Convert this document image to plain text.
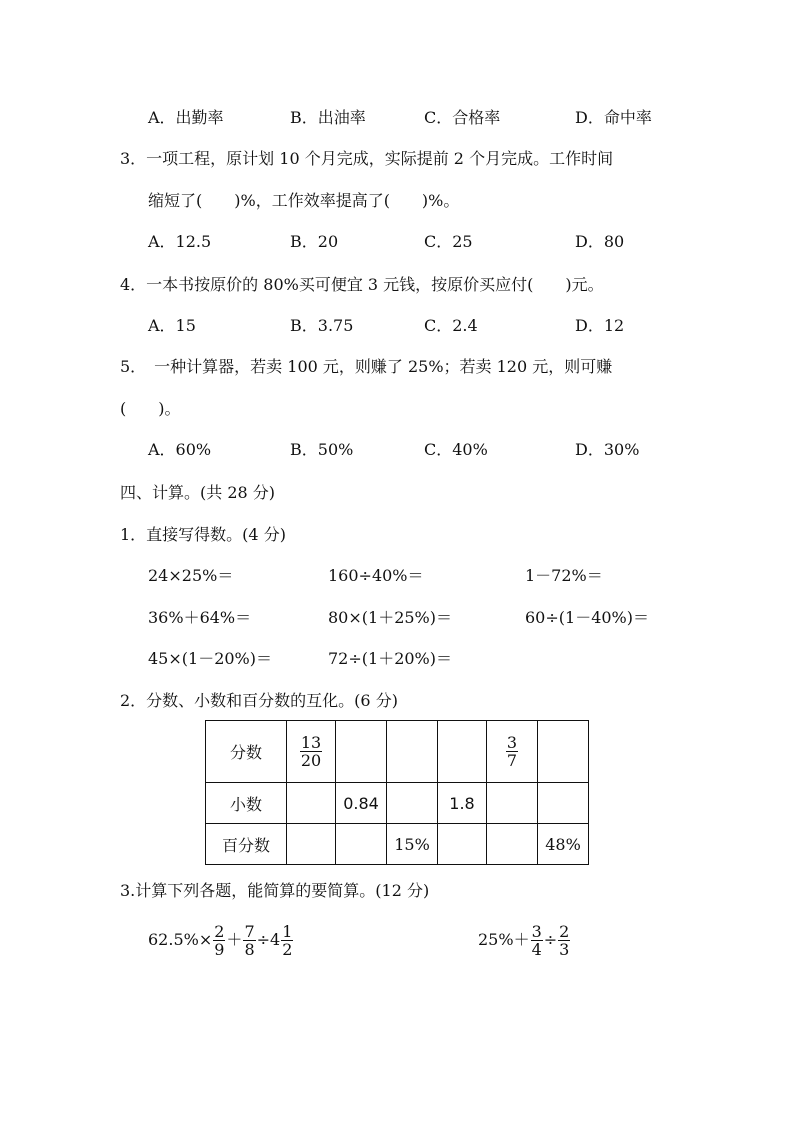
A．出勤率	B．出油率	C．合格率	D．命中率
3．一项工程，原计划 10 个月完成，实际提前 2 个月完成。工作时间
缩短了(　　)%，工作效率提高了(　　)%。
A．12.5	B．20	C．25	D．80
4．一本书按原价的 80%买可便宜 3 元钱，按原价买应付(　　)元。
A．15	B．3.75	C．2.4	D．12
5．　一种计算器，若卖 100 元，则赚了 25%；若卖 120 元，则可赚
(　　)。
A．60%	B．50%	C．40%	D．30%
四、计算。(共 28 分)
1．直接写得数。(4 分)
24×25%＝	160÷40%＝	1－72%＝
36%＋64%＝	80×(1＋25%)＝	60÷(1－40%)＝
45×(1－20%)＝	72÷(1＋20%)＝
2．分数、小数和百分数的互化。(6 分)
分数	$\frac{13}{20}$				$\frac{3}{7}$

小数		0.84		1.8		
百分数			15%			48%
3.计算下列各题，能简算的要简算。(12 分)
$62.5\%\times \frac{2}{9} + \frac{7}{8} \div 4 \frac{1}{2}$	$25\%+ \frac{3}{4} \div \frac{2}{3}$
